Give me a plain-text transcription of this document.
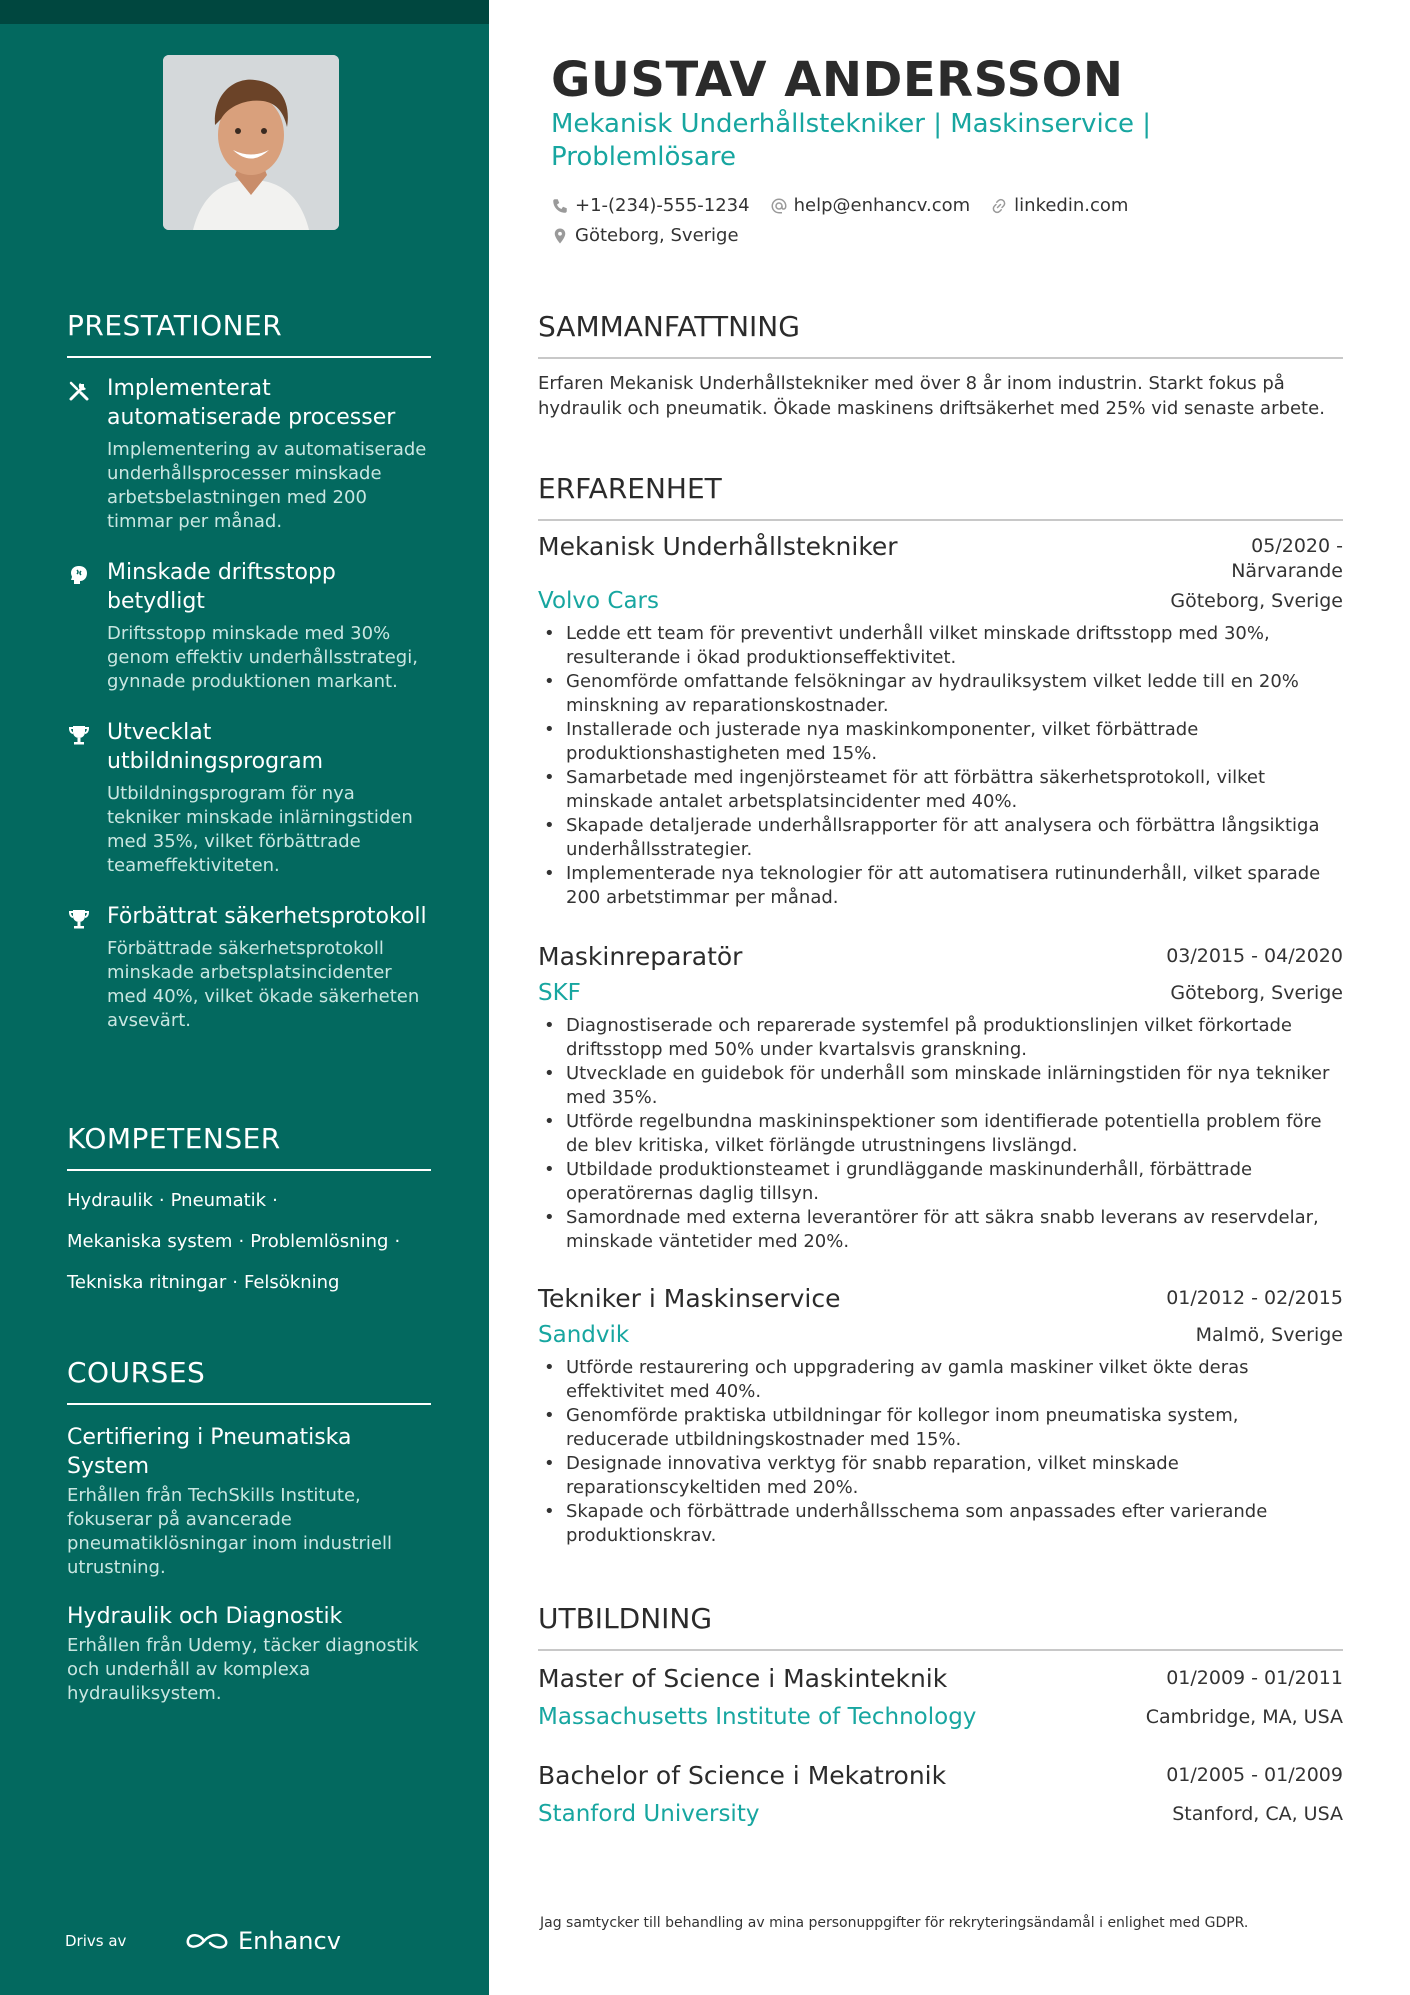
PRESTATIONER
Implementerat automatiserade processer
Implementering av automatiserade underhållsprocesser minskade arbetsbelastningen med 200 timmar per månad.
Minskade driftsstopp betydligt
Driftsstopp minskade med 30% genom effektiv underhållsstrategi, gynnade produktionen markant.
Utvecklat utbildningsprogram
Utbildningsprogram för nya tekniker minskade inlärningstiden med 35%, vilket förbättrade teameffektiviteten.
Förbättrat säkerhetsprotokoll
Förbättrade säkerhetsprotokoll minskade arbetsplatsincidenter med 40%, vilket ökade säkerheten avsevärt.
KOMPETENSER
Hydraulik · Pneumatik ·
Mekaniska system · Problemlösning ·
Tekniska ritningar · Felsökning
COURSES
Certifiering i Pneumatiska System
Erhållen från TechSkills Institute, fokuserar på avancerade pneumatiklösningar inom industriell utrustning.
Hydraulik och Diagnostik
Erhållen från Udemy, täcker diagnostik och underhåll av komplexa hydrauliksystem.
Drivs av	Enhancv
GUSTAV ANDERSSON
Mekanisk Underhållstekniker | Maskinservice | Problemlösare
+1-(234)-555-1234 help@enhancv.com linkedin.com
Göteborg, Sverige
SAMMANFATTNING
Erfaren Mekanisk Underhållstekniker med över 8 år inom industrin. Starkt fokus på hydraulik och pneumatik. Ökade maskinens driftsäkerhet med 25% vid senaste arbete.
ERFARENHET
Mekanisk Underhållstekniker	05/2020 - Närvarande
Volvo Cars	Göteborg, Sverige
• Ledde ett team för preventivt underhåll vilket minskade driftsstopp med 30%, resulterande i ökad produktionseffektivitet.
• Genomförde omfattande felsökningar av hydrauliksystem vilket ledde till en 20% minskning av reparationskostnader.
• Installerade och justerade nya maskinkomponenter, vilket förbättrade produktionshastigheten med 15%.
• Samarbetade med ingenjörsteamet för att förbättra säkerhetsprotokoll, vilket minskade antalet arbetsplatsincidenter med 40%.
• Skapade detaljerade underhållsrapporter för att analysera och förbättra långsiktiga underhållsstrategier.
• Implementerade nya teknologier för att automatisera rutinunderhåll, vilket sparade 200 arbetstimmar per månad.
Maskinreparatör	03/2015 - 04/2020
SKF	Göteborg, Sverige
• Diagnostiserade och reparerade systemfel på produktionslinjen vilket förkortade driftsstopp med 50% under kvartalsvis granskning.
• Utvecklade en guidebok för underhåll som minskade inlärningstiden för nya tekniker med 35%.
• Utförde regelbundna maskininspektioner som identifierade potentiella problem före de blev kritiska, vilket förlängde utrustningens livslängd.
• Utbildade produktionsteamet i grundläggande maskinunderhåll, förbättrade operatörernas daglig tillsyn.
• Samordnade med externa leverantörer för att säkra snabb leverans av reservdelar, minskade väntetider med 20%.
Tekniker i Maskinservice	01/2012 - 02/2015
Sandvik	Malmö, Sverige
• Utförde restaurering och uppgradering av gamla maskiner vilket ökte deras effektivitet med 40%.
• Genomförde praktiska utbildningar för kollegor inom pneumatiska system, reducerade utbildningskostnader med 15%.
• Designade innovativa verktyg för snabb reparation, vilket minskade reparationscykeltiden med 20%.
• Skapade och förbättrade underhållsschema som anpassades efter varierande produktionskrav.
UTBILDNING
Master of Science i Maskinteknik	01/2009 - 01/2011
Massachusetts Institute of Technology	Cambridge, MA, USA
Bachelor of Science i Mekatronik	01/2005 - 01/2009
Stanford University	Stanford, CA, USA
Jag samtycker till behandling av mina personuppgifter för rekryteringsändamål i enlighet med GDPR.
